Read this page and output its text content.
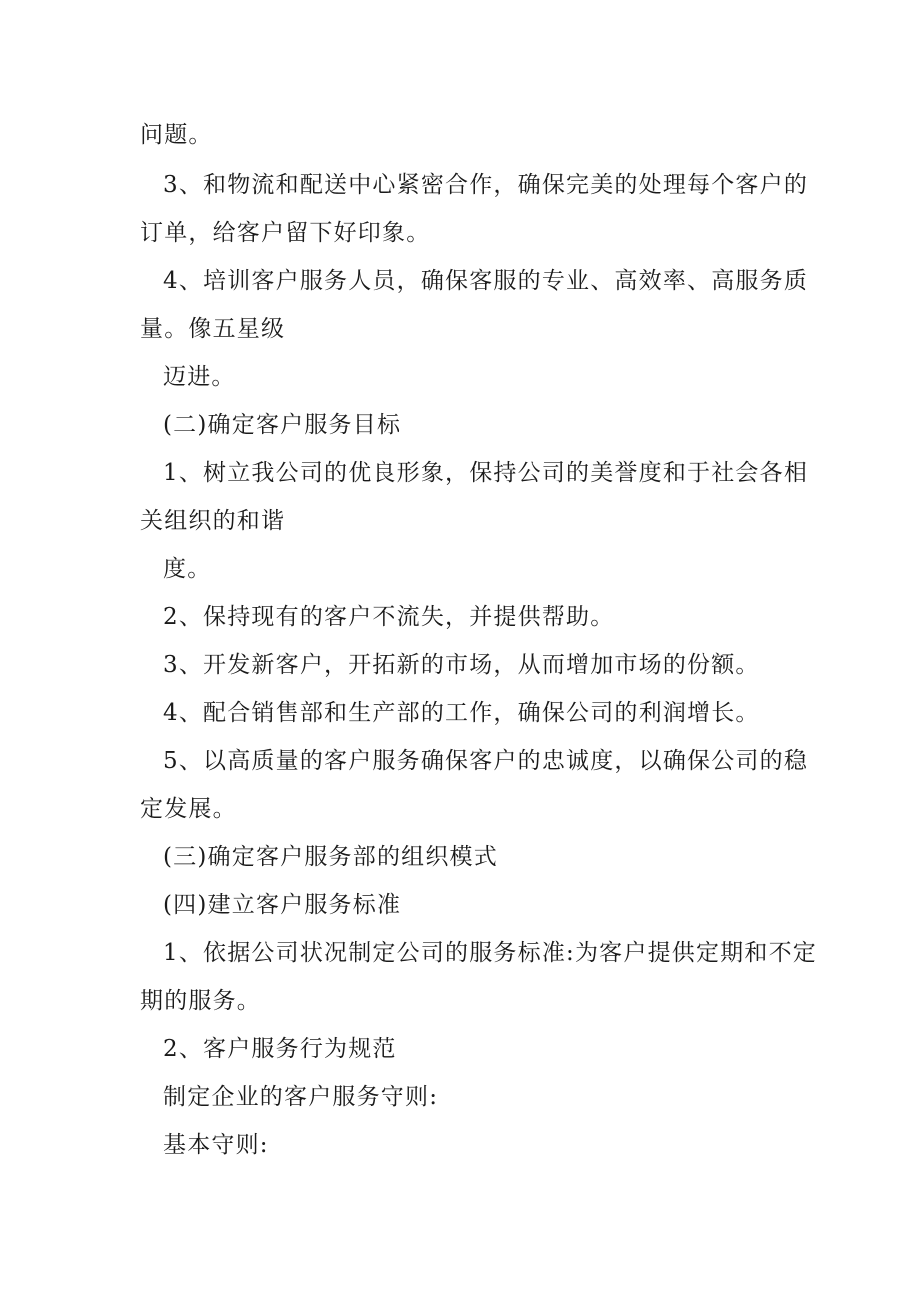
问题。
3、和物流和配送中心紧密合作，确保完美的处理每个客户的
订单，给客户留下好印象。
4、培训客户服务人员，确保客服的专业、高效率、高服务质
量。像五星级
迈进。
(二)确定客户服务目标
1、树立我公司的优良形象，保持公司的美誉度和于社会各相
关组织的和谐
度。
2、保持现有的客户不流失，并提供帮助。
3、开发新客户，开拓新的市场，从而增加市场的份额。
4、配合销售部和生产部的工作，确保公司的利润增长。
5、以高质量的客户服务确保客户的忠诚度，以确保公司的稳
定发展。
(三)确定客户服务部的组织模式
(四)建立客户服务标准
1、依据公司状况制定公司的服务标准:为客户提供定期和不定
期的服务。
2、客户服务行为规范
制定企业的客户服务守则:
基本守则:
